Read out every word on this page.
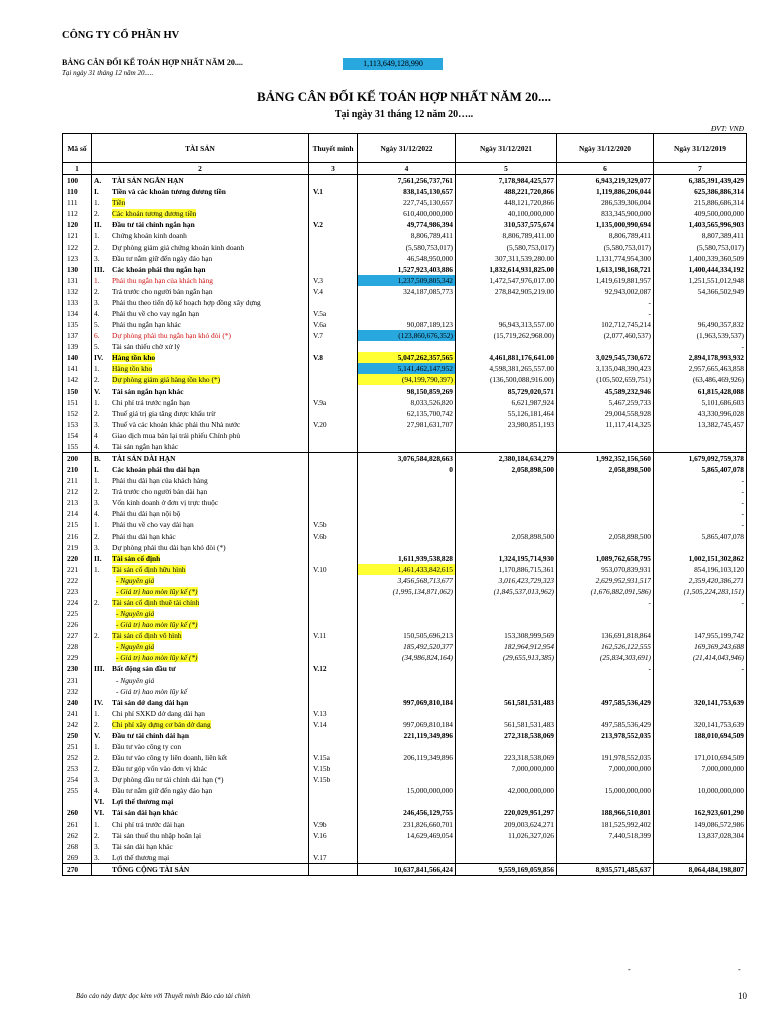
CÔNG TY CỔ PHẦN HV
BẢNG CÂN ĐỐI KẾ TOÁN HỢP NHẤT NĂM 20....
Tại ngày 31 tháng 12 năm 20.....
1,113,649,128,990
BẢNG CÂN ĐỐI KẾ TOÁN HỢP NHẤT NĂM 20....
Tại ngày 31 tháng 12 năm 20…..
ĐVT: VNĐ
Mã số	TÀI SẢN	Thuyết minh	Ngày 31/12/2022	Ngày 31/12/2021	Ngày 31/12/2020	Ngày 31/12/2019
1	2	3	4	5	6	7
100	A. TÀI SẢN NGẮN HẠN		7,561,256,737,761	7,178,984,425,577	6,943,219,329,077	6,385,391,439,429
110	I. Tiền và các khoản tương đương tiền	V.1	838,145,130,657	488,221,720,866	1,119,886,206,044	625,386,886,314
111	1. Tiền		227,745,130,657	448,121,720,866	286,539,306,004	215,886,686,314
112	2. Các khoản tương đương tiền		610,400,000,000	40,100,000,000	833,345,900,000	409,500,000,000
120	II. Đầu tư tài chính ngắn hạn	V.2	49,774,986,394	310,537,575,674	1,135,000,990,694	1,403,565,996,903
121	1. Chứng khoán kinh doanh		8,806,789,411	8,806,789,411.00	8,806,789,411	8,807,389,411
122	2. Dự phòng giảm giá chứng khoán kinh doanh		(5,580,753,017)	(5,580,753,017)	(5,580,753,017)	(5,580,753,017)
123	3. Đầu tư nắm giữ đến ngày đáo hạn		46,548,950,000	307,311,539,280.00	1,131,774,954,300	1,400,339,360,509
130	III. Các khoản phải thu ngắn hạn		1,527,923,403,886	1,832,614,931,825.00	1,613,198,168,721	1,400,444,334,192
131	1. Phải thu ngắn hạn của khách hàng	V.3	1,237,509,805,342	1,472,547,976,017.00	1,419,619,881,957	1,251,551,012,948
132	2. Trả trước cho người bán ngắn hạn	V.4	324,187,085,773	278,842,905,219.00	92,943,002,087	54,366,502,949
133	3. Phải thu theo tiến độ kế hoạch hợp đồng xây dựng				-	
134	4. Phải thu về cho vay ngắn hạn	V.5a			-	
135	5. Phải thu ngắn hạn khác	V.6a	90,087,189,123	96,943,313,557.00	102,712,745,214	96,490,357,832
137	6. Dự phòng phải thu ngắn hạn khó đòi (*)	V.7	(123,860,676,352)	(15,719,262,968.00)	(2,077,460,537)	(1,963,539,537)
139	5. Tài sản thiếu chờ xử lý					-
140	IV. Hàng tồn kho	V.8	5,047,262,357,565	4,461,881,176,641.00	3,029,545,730,672	2,894,178,993,932
141	1. Hàng tồn kho		5,141,462,147,952	4,598,381,265,557.00	3,135,048,390,423	2,957,665,463,858
142	2. Dự phòng giảm giá hàng tồn kho (*)		(94,199,790,397)	(136,500,088,916.00)	(105,502,659,751)	(63,486,469,926)
150	V. Tài sản ngắn hạn khác		98,150,859,269	85,729,020,571	45,589,232,946	61,815,428,088
151	1. Chi phí trả trước ngắn hạn	V.9a	8,033,526,820	6,621,987,924	5,467,259,733	5,101,686,603
152	2. Thuế giá trị gia tăng được khấu trừ		62,135,700,742	55,126,181,464	29,004,558,928	43,330,996,028
153	3. Thuế và các khoản khác phải thu Nhà nước	V.20	27,981,631,707	23,980,851,193	11,117,414,325	13,382,745,457
154	4 Giao dịch mua bán lại trái phiếu Chính phủ					
155	4. Tài sản ngắn hạn khác					
200	B. TÀI SẢN DÀI HẠN		3,076,584,828,663	2,380,184,634,279	1,992,352,156,560	1,679,092,759,378
210	I. Các khoản phải thu dài hạn		0	2,058,898,500	2,058,898,500	5,865,407,078
211	1. Phải thu dài hạn của khách hàng					-
212	2. Trả trước cho người bán dài hạn					-
213	3. Vốn kinh doanh ở đơn vị trực thuộc					-
214	4. Phải thu dài hạn nội bộ					-
215	1. Phải thu về cho vay dài hạn	V.5b				-
216	2. Phải thu dài hạn khác	V.6b		2,058,898,500	2,058,898,500	5,865,407,078
219	3. Dự phòng phải thu dài hạn khó đòi (*)					
220	II. Tài sản cố định		1,611,939,538,828	1,324,195,714,930	1,089,762,658,795	1,002,151,302,862
221	1. Tài sản cố định hữu hình	V.10	1,461,433,842,615	1,170,886,715,361	953,070,839,931	854,196,103,120
222	- Nguyên giá		3,456,568,713,677	3,016,423,729,323	2,629,952,931,517	2,359,420,386,271
223	- Giá trị hao mòn lũy kế (*)		(1,995,134,871,062)	(1,845,537,013,962)	(1,676,882,091,586)	(1,505,224,283,151)
224	2. Tài sản cố định thuê tài chính				-	-
225	- Nguyên giá					
226	- Giá trị hao mòn lũy kế (*)					
227	2. Tài sản cố định vô hình	V.11	150,505,696,213	153,308,999,569	136,691,818,864	147,955,199,742
228	- Nguyên giá		185,492,520,377	182,964,912,954	162,526,122,555	169,369,243,688
229	- Giá trị hao mòn lũy kế (*)		(34,986,824,164)	(29,655,913,385)	(25,834,303,691)	(21,414,043,946)
230	III. Bất động sản đầu tư	V.12			-	-
231	- Nguyên giá					
232	- Giá trị hao mòn lũy kế					
240	IV. Tài sản dở dang dài hạn		997,069,810,184	561,581,531,483	497,585,536,429	320,141,753,639
241	1. Chi phí SXKD dở dang dài hạn	V.13				
242	2. Chi phí xây dựng cơ bản dở dang	V.14	997,069,810,184	561,581,531,483	497,585,536,429	320,141,753,639
250	V. Đầu tư tài chính dài hạn		221,119,349,896	272,318,538,069	213,978,552,035	188,010,694,509
251	1. Đầu tư vào công ty con					
252	2. Đầu tư vào công ty liên doanh, liên kết	V.15a	206,119,349,896	223,318,538,069	191,978,552,035	171,010,694,509
253	2. Đầu tư góp vốn vào đơn vị khác	V.15b		7,000,000,000	7,000,000,000	7,000,000,000
254	3. Dự phòng đầu tư tài chính dài hạn (*)	V.15b				
255	4. Đầu tư nắm giữ đến ngày đáo hạn		15,000,000,000	42,000,000,000	15,000,000,000	10,000,000,000
	VI. Lợi thế thương mại					
260	VI. Tài sản dài hạn khác		246,456,129,755	220,029,951,297	188,966,510,801	162,923,601,290
261	1. Chi phí trả trước dài hạn	V.9b	231,826,660,701	209,003,624,271	181,525,992,402	149,086,572,986
262	2. Tài sản thuế thu nhập hoãn lại	V.16	14,629,469,054	11,026,327,026	7,440,518,399	13,837,028,304
268	3. Tài sản dài hạn khác					
269	3. Lợi thế thương mại	V.17				
270	TỔNG CỘNG TÀI SẢN		10,637,841,566,424	9,559,169,059,856	8,935,571,485,637	8,064,484,198,807
-	-
Báo cáo này được đọc kèm với Thuyết minh Báo cáo tài chính	10
